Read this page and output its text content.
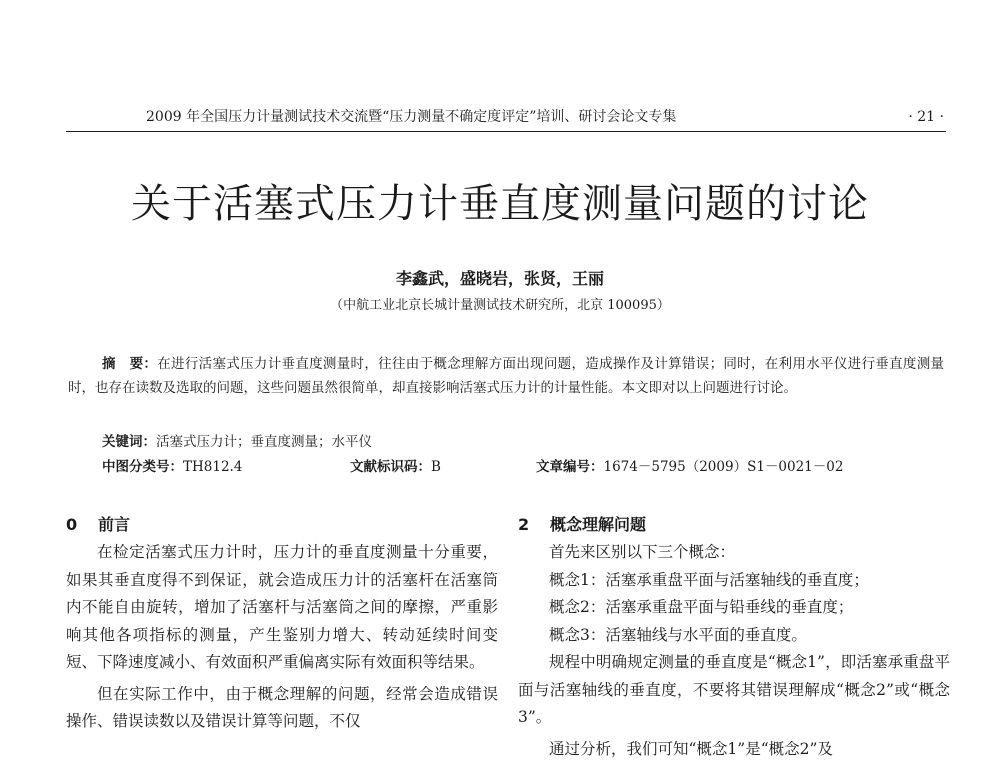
2009 年全国压力计量测试技术交流暨“压力测量不确定度评定”培训、研讨会论文专集	· 21 ·
关于活塞式压力计垂直度测量问题的讨论
李鑫武，盛晓岩，张贤，王丽
（中航工业北京长城计量测试技术研究所，北京 100095）
摘　要：在进行活塞式压力计垂直度测量时，往往由于概念理解方面出现问题，造成操作及计算错误；同时，在利用水平仪进行垂直度测量时，也存在读数及选取的问题，这些问题虽然很简单，却直接影响活塞式压力计的计量性能。本文即对以上问题进行讨论。
关键词：活塞式压力计；垂直度测量；水平仪
中图分类号：TH812.4	文献标识码：B	文章编号：1674－5795（2009）S1－0021－02
0 前言

在检定活塞式压力计时，压力计的垂直度测量十分重要，如果其垂直度得不到保证，就会造成压力计的活塞杆在活塞筒内不能自由旋转，增加了活塞杆与活塞筒之间的摩擦，严重影响其他各项指标的测量，产生鉴别力增大、转动延续时间变短、下降速度减小、有效面积严重偏离实际有效面积等结果。

但在实际工作中，由于概念理解的问题，经常会造成错误操作、错误读数以及错误计算等问题，不仅

2 概念理解问题

首先来区别以下三个概念：

概念1：活塞承重盘平面与活塞轴线的垂直度；

概念2：活塞承重盘平面与铅垂线的垂直度；

概念3：活塞轴线与水平面的垂直度。

规程中明确规定测量的垂直度是“概念1”，即活塞承重盘平面与活塞轴线的垂直度，不要将其错误理解成“概念2”或“概念3”。

通过分析，我们可知“概念1”是“概念2”及
